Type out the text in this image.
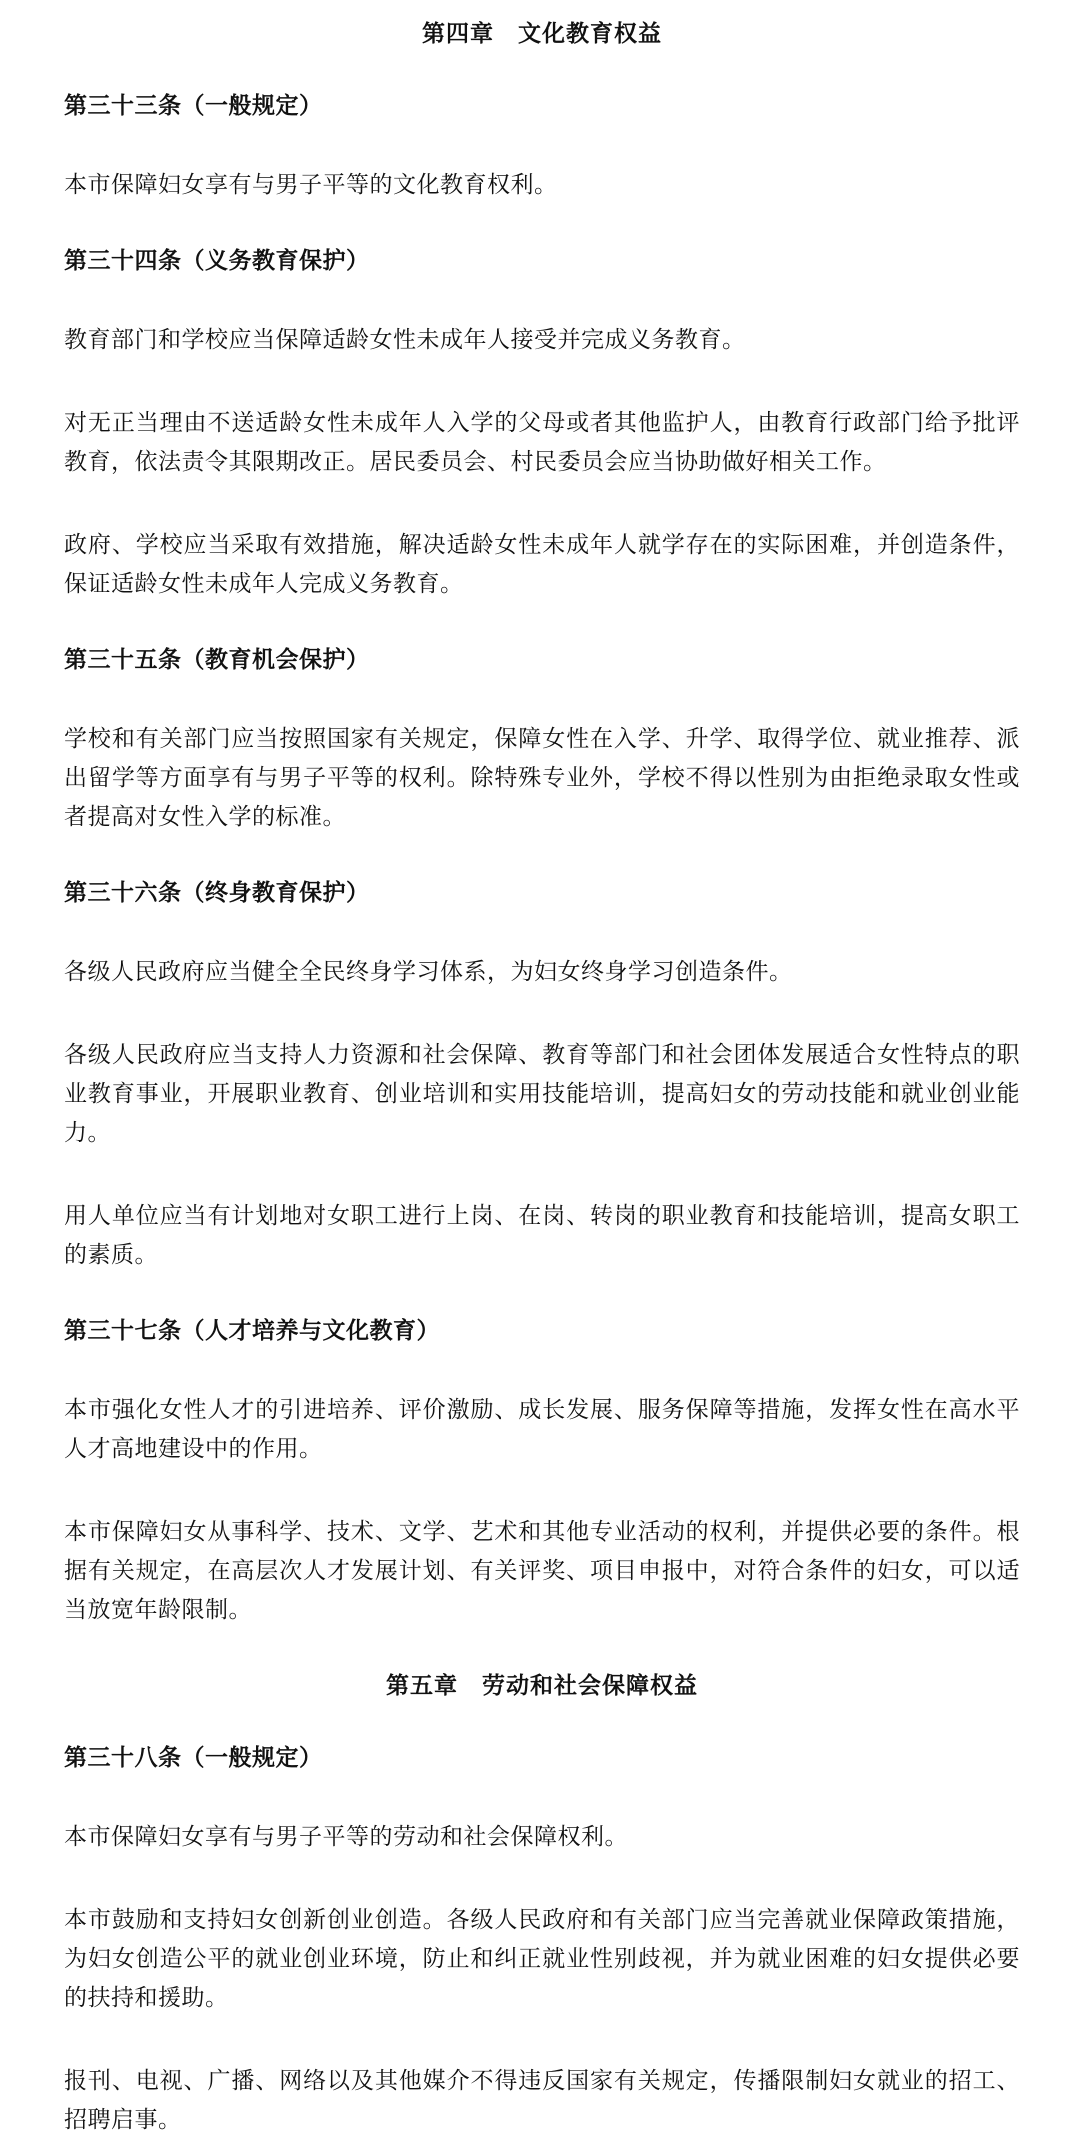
第四章　文化教育权益
第三十三条（一般规定）

本市保障妇女享有与男子平等的文化教育权利。

第三十四条（义务教育保护）

教育部门和学校应当保障适龄女性未成年人接受并完成义务教育。

对无正当理由不送适龄女性未成年人入学的父母或者其他监护人，由教育行政部门给予批评教育，依法责令其限期改正。居民委员会、村民委员会应当协助做好相关工作。

政府、学校应当采取有效措施，解决适龄女性未成年人就学存在的实际困难，并创造条件，保证适龄女性未成年人完成义务教育。

第三十五条（教育机会保护）

学校和有关部门应当按照国家有关规定，保障女性在入学、升学、取得学位、就业推荐、派出留学等方面享有与男子平等的权利。除特殊专业外，学校不得以性别为由拒绝录取女性或者提高对女性入学的标准。

第三十六条（终身教育保护）

各级人民政府应当健全全民终身学习体系，为妇女终身学习创造条件。

各级人民政府应当支持人力资源和社会保障、教育等部门和社会团体发展适合女性特点的职业教育事业，开展职业教育、创业培训和实用技能培训，提高妇女的劳动技能和就业创业能力。

用人单位应当有计划地对女职工进行上岗、在岗、转岗的职业教育和技能培训，提高女职工的素质。

第三十七条（人才培养与文化教育）

本市强化女性人才的引进培养、评价激励、成长发展、服务保障等措施，发挥女性在高水平人才高地建设中的作用。

本市保障妇女从事科学、技术、文学、艺术和其他专业活动的权利，并提供必要的条件。根据有关规定，在高层次人才发展计划、有关评奖、项目申报中，对符合条件的妇女，可以适当放宽年龄限制。

第五章　劳动和社会保障权益
第三十八条（一般规定）

本市保障妇女享有与男子平等的劳动和社会保障权利。

本市鼓励和支持妇女创新创业创造。各级人民政府和有关部门应当完善就业保障政策措施，为妇女创造公平的就业创业环境，防止和纠正就业性别歧视，并为就业困难的妇女提供必要的扶持和援助。

报刊、电视、广播、网络以及其他媒介不得违反国家有关规定，传播限制妇女就业的招工、招聘启事。
